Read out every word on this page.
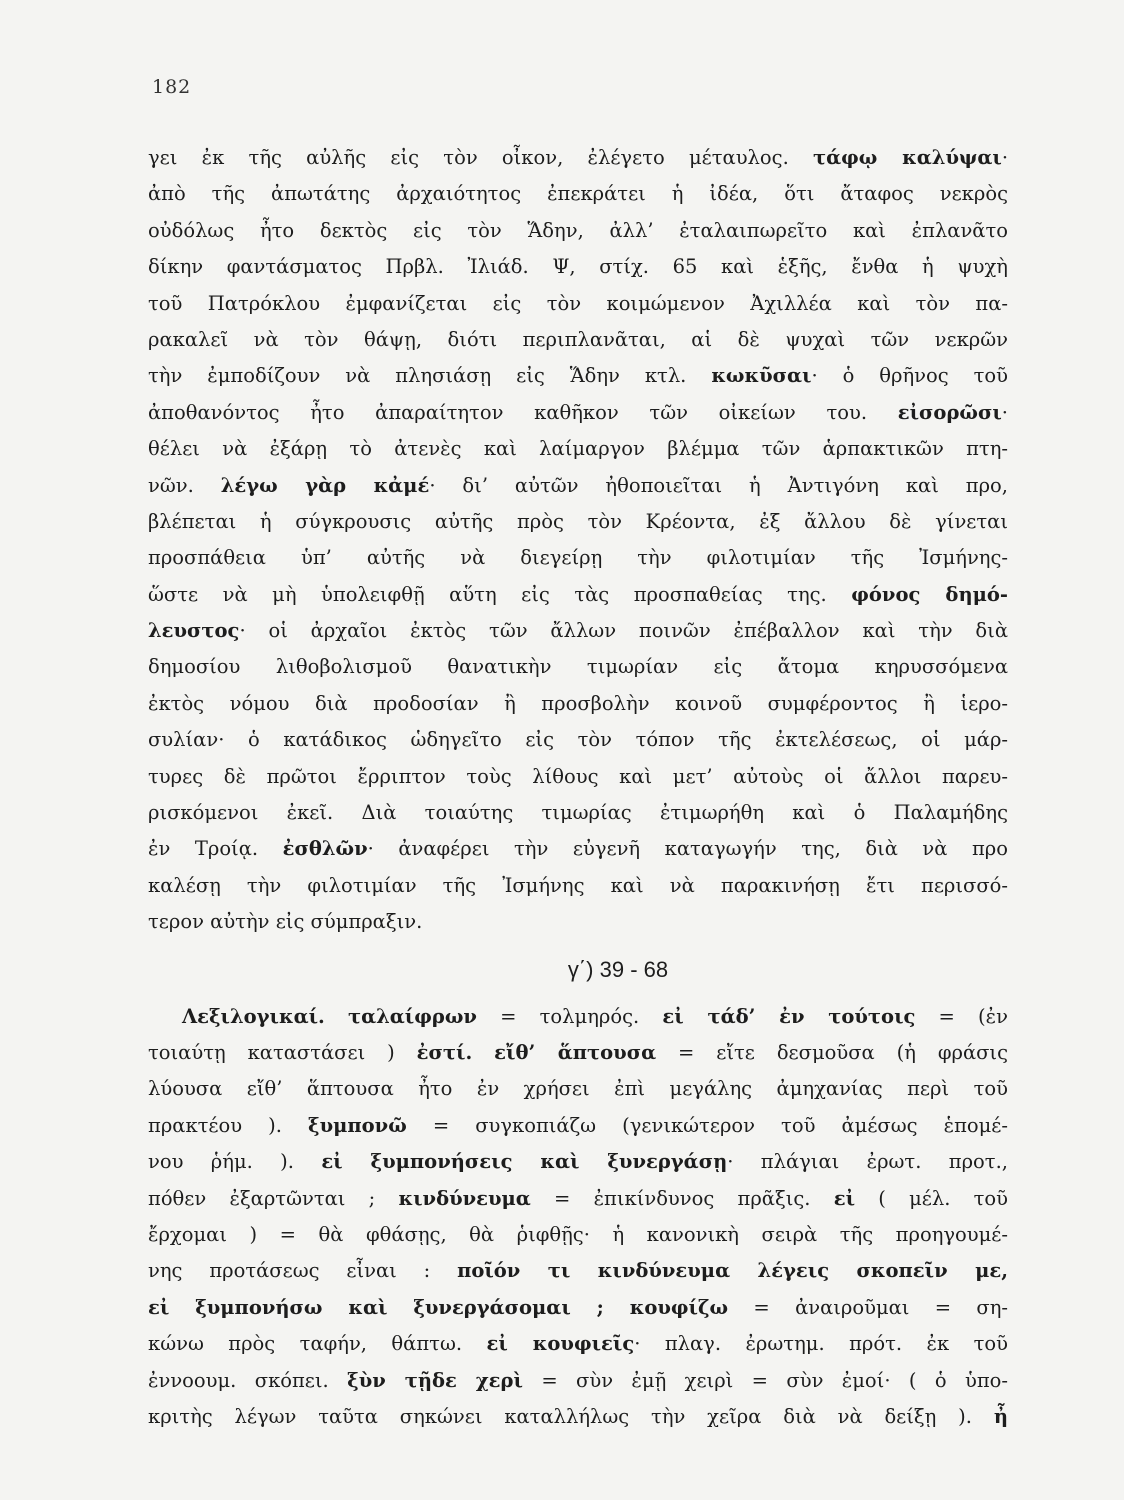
182
γει ἐκ τῆς αὐλῆς εἰς τὸν οἶκον, ἐλέγετο μέταυλος. τάφῳ καλύψαι·
ἀπὸ τῆς ἀπωτάτης ἀρχαιότητος ἐπεκράτει ἡ ἰδέα, ὅτι ἄταφος νεκρὸς
οὐδόλως ἦτο δεκτὸς εἰς τὸν Ἅδην, ἀλλ’ ἐταλαιπωρεῖτο καὶ ἐπλανᾶτο
δίκην φαντάσματος Πρβλ. Ἰλιάδ. Ψ, στίχ. 65 καὶ ἑξῆς, ἔνθα ἡ ψυχὴ
τοῦ Πατρόκλου ἐμφανίζεται εἰς τὸν κοιμώμενον Ἀχιλλέα καὶ τὸν πα-
ρακαλεῖ νὰ τὸν θάψῃ, διότι περιπλανᾶται, αἱ δὲ ψυχαὶ τῶν νεκρῶν
τὴν ἐμποδίζουν νὰ πλησιάσῃ εἰς Ἅδην κτλ. κωκῦσαι· ὁ θρῆνος τοῦ
ἀποθανόντος ἦτο ἀπαραίτητον καθῆκον τῶν οἰκείων του. εἰσορῶσι·
θέλει νὰ ἐξάρῃ τὸ ἀτενὲς καὶ λαίμαργον βλέμμα τῶν ἁρπακτικῶν πτη-
νῶν. λέγω γὰρ κἀμέ· δι’ αὐτῶν ἠθοποιεῖται ἡ Ἀντιγόνη καὶ προ,
βλέπεται ἡ σύγκρουσις αὐτῆς πρὸς τὸν Κρέοντα, ἐξ ἄλλου δὲ γίνεται
προσπάθεια ὑπ’ αὐτῆς νὰ διεγείρῃ τὴν φιλοτιμίαν τῆς Ἰσμήνης-
ὥστε νὰ μὴ ὑπολειφθῇ αὕτη εἰς τὰς προσπαθείας της. φόνος δημό-
λευστος· οἱ ἀρχαῖοι ἐκτὸς τῶν ἄλλων ποινῶν ἐπέβαλλον καὶ τὴν διὰ
δημοσίου λιθοβολισμοῦ θανατικὴν τιμωρίαν εἰς ἄτομα κηρυσσόμενα
ἐκτὸς νόμου διὰ προδοσίαν ἢ προσβολὴν κοινοῦ συμφέροντος ἢ ἱερο-
συλίαν· ὁ κατάδικος ὡδηγεῖτο εἰς τὸν τόπον τῆς ἐκτελέσεως, οἱ μάρ-
τυρες δὲ πρῶτοι ἔρριπτον τοὺς λίθους καὶ μετ’ αὐτοὺς οἱ ἄλλοι παρευ-
ρισκόμενοι ἐκεῖ. Διὰ τοιαύτης τιμωρίας ἐτιμωρήθη καὶ ὁ Παλαμήδης
ἐν Τροίᾳ. ἐσθλῶν· ἀναφέρει τὴν εὐγενῆ καταγωγήν της, διὰ νὰ προ
καλέσῃ τὴν φιλοτιμίαν τῆς Ἰσμήνης καὶ νὰ παρακινήσῃ ἔτι περισσό-
τερον αὐτὴν εἰς σύμπραξιν.
γ΄) 39 - 68
Λεξιλογικαί. ταλαίφρων = τολμηρός. εἰ τάδ’ ἐν τούτοις = (ἐν
τοιαύτῃ καταστάσει ) ἐστί. εἴθ’ ἅπτουσα = εἴτε δεσμοῦσα (ἡ φράσις
λύουσα εἴθ’ ἅπτουσα ἦτο ἐν χρήσει ἐπὶ μεγάλης ἀμηχανίας περὶ τοῦ
πρακτέου ). ξυμπονῶ = συγκοπιάζω (γενικώτερον τοῦ ἀμέσως ἑπομέ-
νου ῥήμ. ). εἰ ξυμπονήσεις καὶ ξυνεργάσῃ· πλάγιαι ἐρωτ. προτ.,
πόθεν ἐξαρτῶνται ; κινδύνευμα = ἐπικίνδυνος πρᾶξις. εἰ ( μέλ. τοῦ
ἔρχομαι ) = θὰ φθάσῃς, θὰ ῥιφθῇς· ἡ κανονικὴ σειρὰ τῆς προηγουμέ-
νης προτάσεως εἶναι : ποῖόν τι κινδύνευμα λέγεις σκοπεῖν με,
εἰ ξυμπονήσω καὶ ξυνεργάσομαι ; κουφίζω = ἀναιροῦμαι = ση-
κώνω πρὸς ταφήν, θάπτω. εἰ κουφιεῖς· πλαγ. ἐρωτημ. πρότ. ἐκ τοῦ
ἐννοουμ. σκόπει. ξὺν τῇδε χερὶ = σὺν ἐμῇ χειρὶ = σὺν ἐμοί· ( ὁ ὑπο-
κριτὴς λέγων ταῦτα σηκώνει καταλλήλως τὴν χεῖρα διὰ νὰ δείξῃ ). ἦ
